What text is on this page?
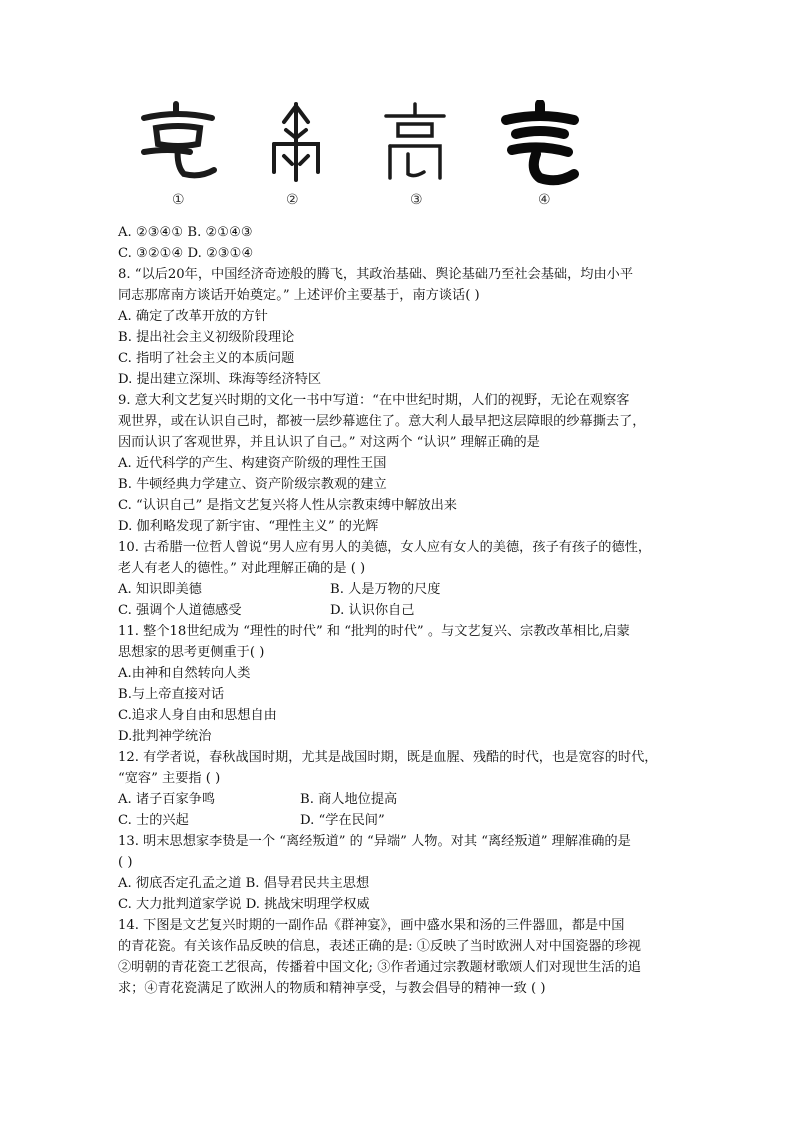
①	②	③	④
A. ②③④① B. ②①④③
C. ③②①④ D. ②③①④
8. “以后20年，中国经济奇迹般的腾飞，其政治基础、舆论基础乃至社会基础，均由小平
同志那席南方谈话开始奠定。” 上述评价主要基于，南方谈话( )
A. 确定了改革开放的方针
B. 提出社会主义初级阶段理论
C. 指明了社会主义的本质问题
D. 提出建立深圳、珠海等经济特区
9. 意大利文艺复兴时期的文化一书中写道：“在中世纪时期，人们的视野，无论在观察客
观世界，或在认识自己时，都被一层纱幕遮住了。意大利人最早把这层障眼的纱幕撕去了，
因而认识了客观世界，并且认识了自己。” 对这两个 “认识” 理解正确的是
A. 近代科学的产生、构建资产阶级的理性王国
B. 牛顿经典力学建立、资产阶级宗教观的建立
C. “认识自己” 是指文艺复兴将人性从宗教束缚中解放出来
D. 伽利略发现了新宇宙、“理性主义” 的光辉
10. 古希腊一位哲人曾说“男人应有男人的美德，女人应有女人的美德，孩子有孩子的德性，
老人有老人的德性。” 对此理解正确的是 ( )
A. 知识即美德	B. 人是万物的尺度
C. 强调个人道德感受	D. 认识你自己
11. 整个18世纪成为 “理性的时代” 和 “批判的时代” 。与文艺复兴、宗教改革相比,启蒙
思想家的思考更侧重于( )
A.由神和自然转向人类
B.与上帝直接对话
C.追求人身自由和思想自由
D.批判神学统治
12. 有学者说，春秋战国时期，尤其是战国时期，既是血腥、残酷的时代，也是宽容的时代，
“宽容” 主要指 ( )
A. 诸子百家争鸣	B. 商人地位提高
C. 士的兴起	D. “学在民间”
13. 明末思想家李贽是一个 “离经叛道” 的 “异端” 人物。对其 “离经叛道” 理解准确的是
( )
A. 彻底否定孔孟之道 B. 倡导君民共主思想
C. 大力批判道家学说 D. 挑战宋明理学权威
14. 下图是文艺复兴时期的一副作品《群神宴》，画中盛水果和汤的三件器皿，都是中国
的青花瓷。有关该作品反映的信息，表述正确的是: ①反映了当时欧洲人对中国瓷器的珍视
②明朝的青花瓷工艺很高，传播着中国文化; ③作者通过宗教题材歌颂人们对现世生活的追
求；④青花瓷满足了欧洲人的物质和精神享受，与教会倡导的精神一致 ( )
